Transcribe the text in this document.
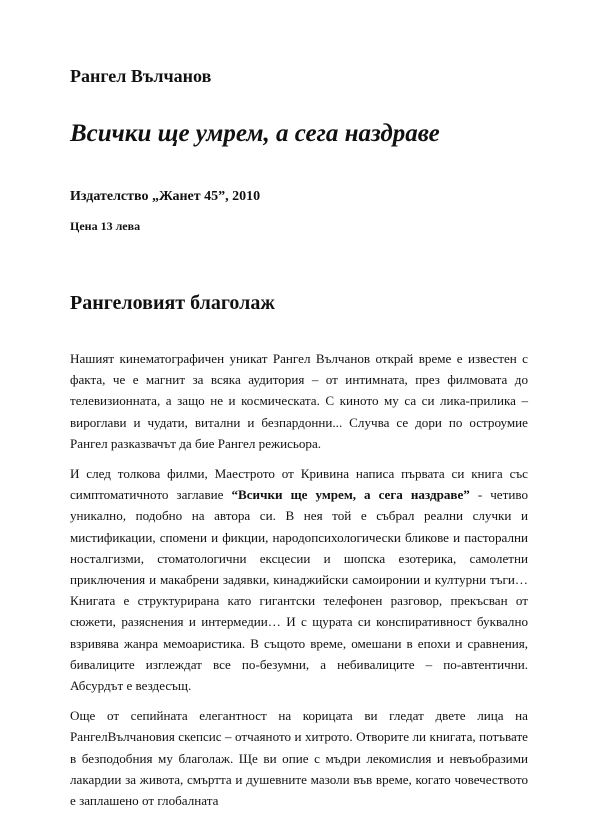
Рангел Вълчанов
Всички ще умрем, а сега наздраве

Издателство „Жанет 45”, 2010

Цена 13 лева

Рангеловият благолаж

Нашият кинематографичен уникат Рангел Вълчанов открай време е известен с факта, че е магнит за всяка аудитория – от интимната, през филмовата до телевизионната, а защо не и космическата. С киното му са си лика-прилика – вироглави и чудати, витални и безпардонни... Случва се дори по остроумие Рангел разказвачът да бие Рангел режисьора.

И след толкова филми, Маестрото от Кривина написа първата си книга със симптоматичното заглавие “Всички ще умрем, а сега наздраве” - четиво уникално, подобно на автора си. В нея той е събрал реални случки и мистификации, спомени и фикции, народопсихологически бликове и пасторални носталгизми, стоматологични ексцесии и шопска езотерика, самолетни приключения и макабрени задявки, кинаджийски самоиронии и културни тъги… Книгата е структурирана като гигантски телефонен разговор, прекъсван от сюжети, разяснения и интермедии… И с щурата си конспиративност буквално взривява жанра мемоаристика. В същото време, омешани в епохи и сравнения, бивалиците изглеждат все по-безумни, а небивалиците – по-автентични. Абсурдът е вездесъщ.

Още от сепийната елегантност на корицата ви гледат двете лица на РангелВълчановия скепсис – отчаяното и хитрото. Отворите ли книгата, потъвате в безподобния му благолаж. Ще ви опие с мъдри лекомислия и невъобразими лакардии за живота, смъртта и душевните мазоли във време, когато човечеството е заплашено от глобалната
